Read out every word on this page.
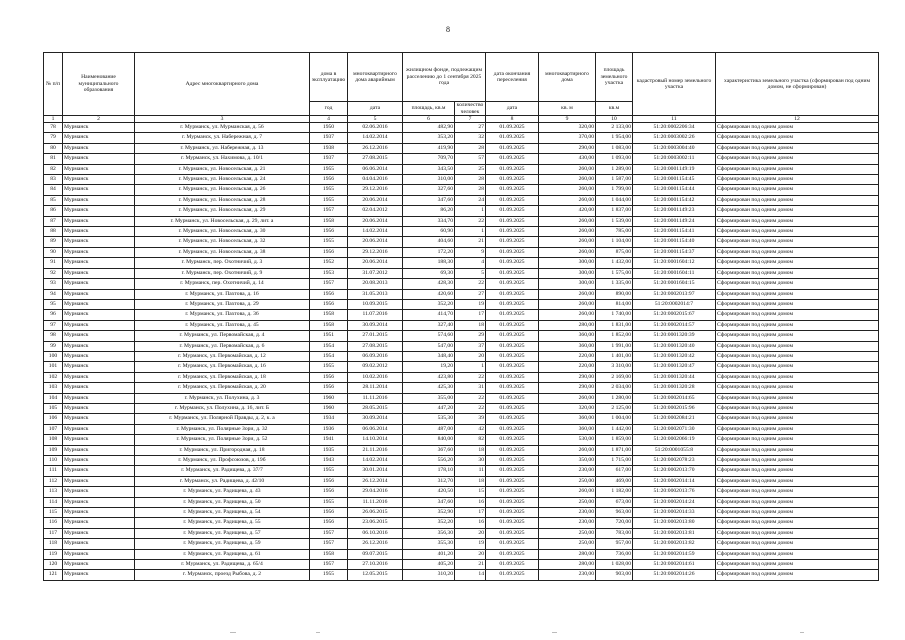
8
№ п/п	Наименование муниципального образования	Адрес многоквартирного дома	дома в эксплуатацию	многоквартирного дома аварийным	жилищном фонде, подлежащим расселению до 1 сентября 2025 года		дата окончания переселения	многоквартирного дома	площадь земельного участка	кадастровый номер земельного участка	характеристика земельного участка (сформирован под одним домом, не сформирован)
			год	дата	площадь, кв.м	количество человек	дата	кв. м	кв.м		
1	2	3	4	5	6	7	8	9	10	11	12
78	Мурманск	г. Мурманск, ул. Мурманская, д. 56	1950	02.06.2016	482,90	27	01.09.2025	320,00	2 133,00	51:20:0002206:34	Сформирован под одним домом
79	Мурманск	г. Мурманск, ул. Набережная, д. 7	1937	14.02.2014	353,20	32	01.09.2025	370,00	1 954,00	51:20:0003002:26	Сформирован под одним домом
80	Мурманск	г. Мурманск, ул. Набережная, д. 13	1938	26.12.2016	419,90	28	01.09.2025	290,00	1 083,00	51:20:0003004:40	Сформирован под одним домом
81	Мурманск	г. Мурманск, ул. Нахимова, д. 10/1	1937	27.08.2015	709,70	57	01.09.2025	430,00	1 093,00	51:20:0003002:11	Сформирован под одним домом
82	Мурманск	г. Мурманск, ул. Новосельская, д. 21	1955	06.06.2014	343,50	25	01.09.2025	260,00	1 289,00	51:20:0001149:19	Сформирован под одним домом
83	Мурманск	г. Мурманск, ул. Новосельская, д. 24	1956	04.04.2016	310,00	28	01.09.2025	260,00	1 587,00	51:20:0001154:45	Сформирован под одним домом
84	Мурманск	г. Мурманск, ул. Новосельская, д. 26	1955	29.12.2016	327,60	28	01.09.2025	260,00	1 799,00	51:20:0001154:44	Сформирован под одним домом
85	Мурманск	г. Мурманск, ул. Новосельская, д. 28	1955	20.06.2014	347,60	24	01.09.2025	260,00	1 044,00	51:20:0001154:42	Сформирован под одним домом
86	Мурманск	г. Мурманск, ул. Новосельская, д. 29	1957	02.04.2012	86,20	1	01.09.2025	420,00	1 837,00	51:20:0001149:23	Сформирован под одним домом
87	Мурманск	г. Мурманск, ул. Новосельская, д. 29, лит. а	1958	20.06.2014	334,70	22	01.09.2025	260,00	1 539,00	51:20:0001149:24	Сформирован под одним домом
88	Мурманск	г. Мурманск, ул. Новосельская, д. 30	1956	14.02.2014	60,90	1	01.09.2025	260,00	785,00	51:20:0001154:41	Сформирован под одним домом
89	Мурманск	г. Мурманск, ул. Новосельская, д. 32	1955	20.06.2014	404,60	21	01.09.2025	260,00	1 104,00	51:20:0001154:40	Сформирован под одним домом
90	Мурманск	г. Мурманск, ул. Новосельская, д. 38	1956	29.12.2016	172,20	9	01.09.2025	260,00	875,00	51:20:0001154:37	Сформирован под одним домом
91	Мурманск	г. Мурманск, пер. Охотничий, д. 3	1952	20.06.2014	188,30	4	01.09.2025	300,00	1 432,00	51:20:0001604:12	Сформирован под одним домом
92	Мурманск	г. Мурманск, пер. Охотничий, д. 9	1953	31.07.2012	69,30	5	01.09.2025	300,00	1 575,00	51:20:0001604:11	Сформирован под одним домом
93	Мурманск	г. Мурманск, пер. Охотничий, д. 14	1957	20.08.2013	428,30	22	01.09.2025	300,00	1 335,00	51:20:0001604:15	Сформирован под одним домом
94	Мурманск	г. Мурманск, ул. Пахтова, д. 16	1956	31.05.2013	420,60	27	01.09.2025	260,00	890,00	51:20:0002013:97	Сформирован под одним домом
95	Мурманск	г. Мурманск, ул. Пахтова, д. 29	1956	10.09.2015	352,20	19	01.09.2025	260,00	814,00	51:20:0002014:7	Сформирован под одним домом
96	Мурманск	г. Мурманск, ул. Пахтова, д. 36	1958	11.07.2016	414,70	17	01.09.2025	260,00	1 740,00	51:20:0002015:67	Сформирован под одним домом
97	Мурманск	г. Мурманск, ул. Пахтова, д. 45	1958	30.09.2014	327,40	18	01.09.2025	280,00	1 831,00	51:20:0002014:57	Сформирован под одним домом
98	Мурманск	г. Мурманск, ул. Первомайская, д. 4	1951	27.01.2015	574,60	29	01.09.2025	360,00	1 852,00	51:20:0001320:39	Сформирован под одним домом
99	Мурманск	г. Мурманск, ул. Первомайская, д. 6	1954	27.08.2015	547,00	37	01.09.2025	360,00	1 991,00	51:20:0001320:40	Сформирован под одним домом
100	Мурманск	г. Мурманск, ул. Первомайская, д. 12	1954	06.09.2016	348,40	20	01.09.2025	220,00	1 401,00	51:20:0001320:42	Сформирован под одним домом
101	Мурманск	г. Мурманск, ул. Первомайская, д. 16	1955	09.02.2012	19,20	1	01.09.2025	220,00	3 310,00	51:20:0001320:47	Сформирован под одним домом
102	Мурманск	г. Мурманск, ул. Первомайская, д. 18	1956	10.02.2016	423,80	22	01.09.2025	290,00	2 169,00	51:20:0001320:44	Сформирован под одним домом
103	Мурманск	г. Мурманск, ул. Первомайская, д. 20	1956	28.11.2014	425,30	31	01.09.2025	290,00	2 034,00	51:20:0001320:28	Сформирован под одним домом
104	Мурманск	г. Мурманск, ул. Полухина, д. 3	1960	11.11.2016	355,00	22	01.09.2025	260,00	1 280,00	51:20:0002014:65	Сформирован под одним домом
105	Мурманск	г. Мурманск, ул. Полухина, д. 16, лит. Б	1960	28.05.2015	447,20	22	01.09.2025	320,00	2 125,00	51:20:0002015:96	Сформирован под одним домом
106	Мурманск	г. Мурманск, ул. Полярной Правды, д. 2, к. а	1934	30.09.2014	535,30	39	01.09.2025	360,00	1 004,00	51:20:0002084:21	Сформирован под одним домом
107	Мурманск	г. Мурманск, ул. Полярные Зори, д. 32	1936	06.06.2014	487,00	42	01.09.2025	360,00	1 442,00	51:20:0002071:30	Сформирован под одним домом
108	Мурманск	г. Мурманск, ул. Полярные Зори, д. 52	1941	14.10.2014	840,00	82	01.09.2025	530,00	1 859,00	51:20:0002066:19	Сформирован под одним домом
109	Мурманск	г. Мурманск, ул. Пригородная, д. 18	1935	21.11.2016	367,60	18	01.09.2025	260,00	1 871,00	51:20:0001055:8	Сформирован под одним домом
110	Мурманск	г. Мурманск, ул. Профсоюзов, д. 19б	1943	14.02.2014	556,20	30	01.09.2025	350,00	1 715,00	51:20:0002078:23	Сформирован под одним домом
111	Мурманск	г. Мурманск, ул. Радищева, д. 37/7	1955	30.01.2014	178,10	11	01.09.2025	230,00	617,00	51:20:0002013:70	Сформирован под одним домом
112	Мурманск	г. Мурманск, ул. Радищева, д. 42/10	1956	26.12.2014	312,70	18	01.09.2025	250,00	469,00	51:20:0002014:14	Сформирован под одним домом
113	Мурманск	г. Мурманск, ул. Радищева, д. 43	1956	29.04.2016	420,50	15	01.09.2025	260,00	1 182,00	51:20:0002013:76	Сформирован под одним домом
114	Мурманск	г. Мурманск, ул. Радищева, д. 50	1955	11.11.2016	347,60	16	01.09.2025	250,00	673,00	51:20:0002014:24	Сформирован под одним домом
115	Мурманск	г. Мурманск, ул. Радищева, д. 54	1956	26.06.2015	352,90	17	01.09.2025	230,00	963,00	51:20:0002014:33	Сформирован под одним домом
116	Мурманск	г. Мурманск, ул. Радищева, д. 55	1956	23.06.2015	352,20	16	01.09.2025	230,00	720,00	51:20:0002013:80	Сформирован под одним домом
117	Мурманск	г. Мурманск, ул. Радищева, д. 57	1957	06.10.2016	356,30	20	01.09.2025	250,00	783,00	51:20:0002013:81	Сформирован под одним домом
118	Мурманск	г. Мурманск, ул. Радищева, д. 59	1957	26.12.2016	355,30	19	01.09.2025	250,00	957,00	51:20:0002013:82	Сформирован под одним домом
119	Мурманск	г. Мурманск, ул. Радищева, д. 61	1958	09.07.2015	401,20	20	01.09.2025	280,00	736,00	51:20:0002014:59	Сформирован под одним домом
120	Мурманск	г. Мурманск, ул. Радищева, д. 65/4	1957	27.10.2016	405,20	21	01.09.2025	280,00	1 028,00	51:20:0002014:61	Сформирован под одним домом
121	Мурманск	г. Мурманск, проезд Рыбова, д. 2	1955	12.05.2015	310,20	14	01.09.2025	230,00	903,00	51:20:0002014:26	Сформирован под одним домом
